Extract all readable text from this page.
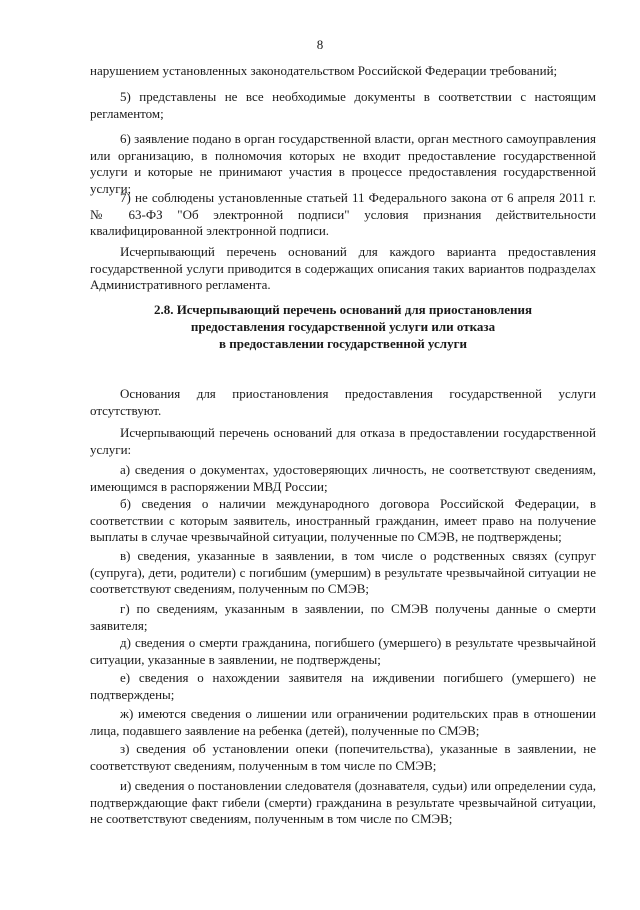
8
нарушением установленных законодательством Российской Федерации требований;
5) представлены не все необходимые документы в соответствии с настоящим регламентом;
6) заявление подано в орган государственной власти, орган местного самоуправления или организацию, в полномочия которых не входит предоставление государственной услуги и которые не принимают участия в процессе предоставления государственной услуги;
7) не соблюдены установленные статьей 11 Федерального закона от 6 апреля 2011 г. № 63-ФЗ "Об электронной подписи" условия признания действительности квалифицированной электронной подписи.
Исчерпывающий перечень оснований для каждого варианта предоставления государственной услуги приводится в содержащих описания таких вариантов подразделах Административного регламента.
2.8. Исчерпывающий перечень оснований для приостановления
предоставления государственной услуги или отказа
в предоставлении государственной услуги
Основания для приостановления предоставления государственной услуги отсутствуют.
Исчерпывающий перечень оснований для отказа в предоставлении государственной услуги:
а) сведения о документах, удостоверяющих личность, не соответствуют сведениям, имеющимся в распоряжении МВД России;
б) сведения о наличии международного договора Российской Федерации, в соответствии с которым заявитель, иностранный гражданин, имеет право на получение выплаты в случае чрезвычайной ситуации, полученные по СМЭВ, не подтверждены;
в) сведения, указанные в заявлении, в том числе о родственных связях (супруг (супруга), дети, родители) с погибшим (умершим) в результате чрезвычайной ситуации не соответствуют сведениям, полученным по СМЭВ;
г) по сведениям, указанным в заявлении, по СМЭВ получены данные о смерти заявителя;
д) сведения о смерти гражданина, погибшего (умершего) в результате чрезвычайной ситуации, указанные в заявлении, не подтверждены;
е) сведения о нахождении заявителя на иждивении погибшего (умершего) не подтверждены;
ж) имеются сведения о лишении или ограничении родительских прав в отношении лица, подавшего заявление на ребенка (детей), полученные по СМЭВ;
з) сведения об установлении опеки (попечительства), указанные в заявлении, не соответствуют сведениям, полученным в том числе по СМЭВ;
и) сведения о постановлении следователя (дознавателя, судьи) или определении суда, подтверждающие факт гибели (смерти) гражданина в результате чрезвычайной ситуации, не соответствуют сведениям, полученным в том числе по СМЭВ;
